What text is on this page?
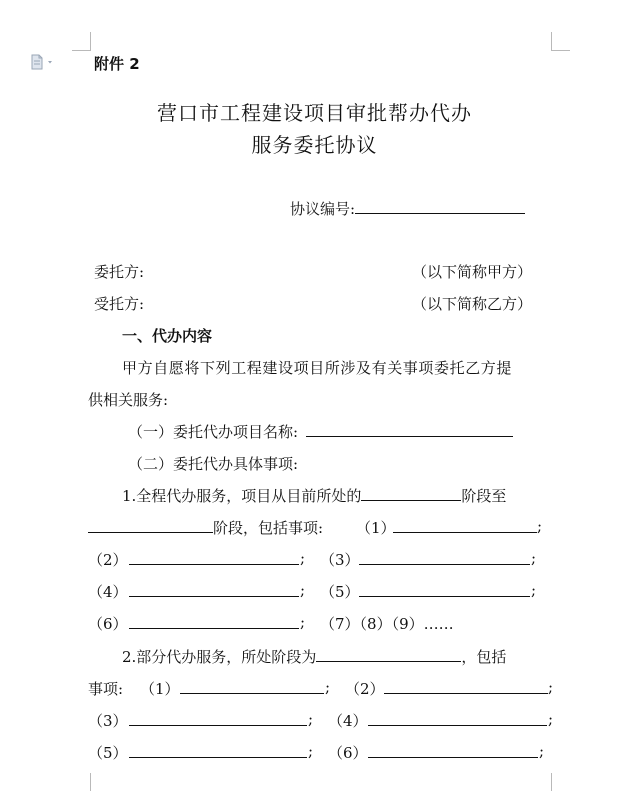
附件 2
营口市工程建设项目审批帮办代办
服务委托协议
协议编号:
委托方:	（以下简称甲方）
受托方:	（以下简称乙方）
一、代办内容
甲方自愿将下列工程建设项目所涉及有关事项委托乙方提
供相关服务:
（一）委托代办项目名称:
（二）委托代办具体事项:
1.全程代办服务，项目从目前所处的	阶段至
阶段，包括事项: （1）	;
（2）	; （3）	;
（4）	; （5）	;
（6）	; （7）（8）（9）……
2.部分代办服务，所处阶段为	，包括
事项: （1）	; （2）	;
（3）	; （4）	;
（5）	; （6）	;
